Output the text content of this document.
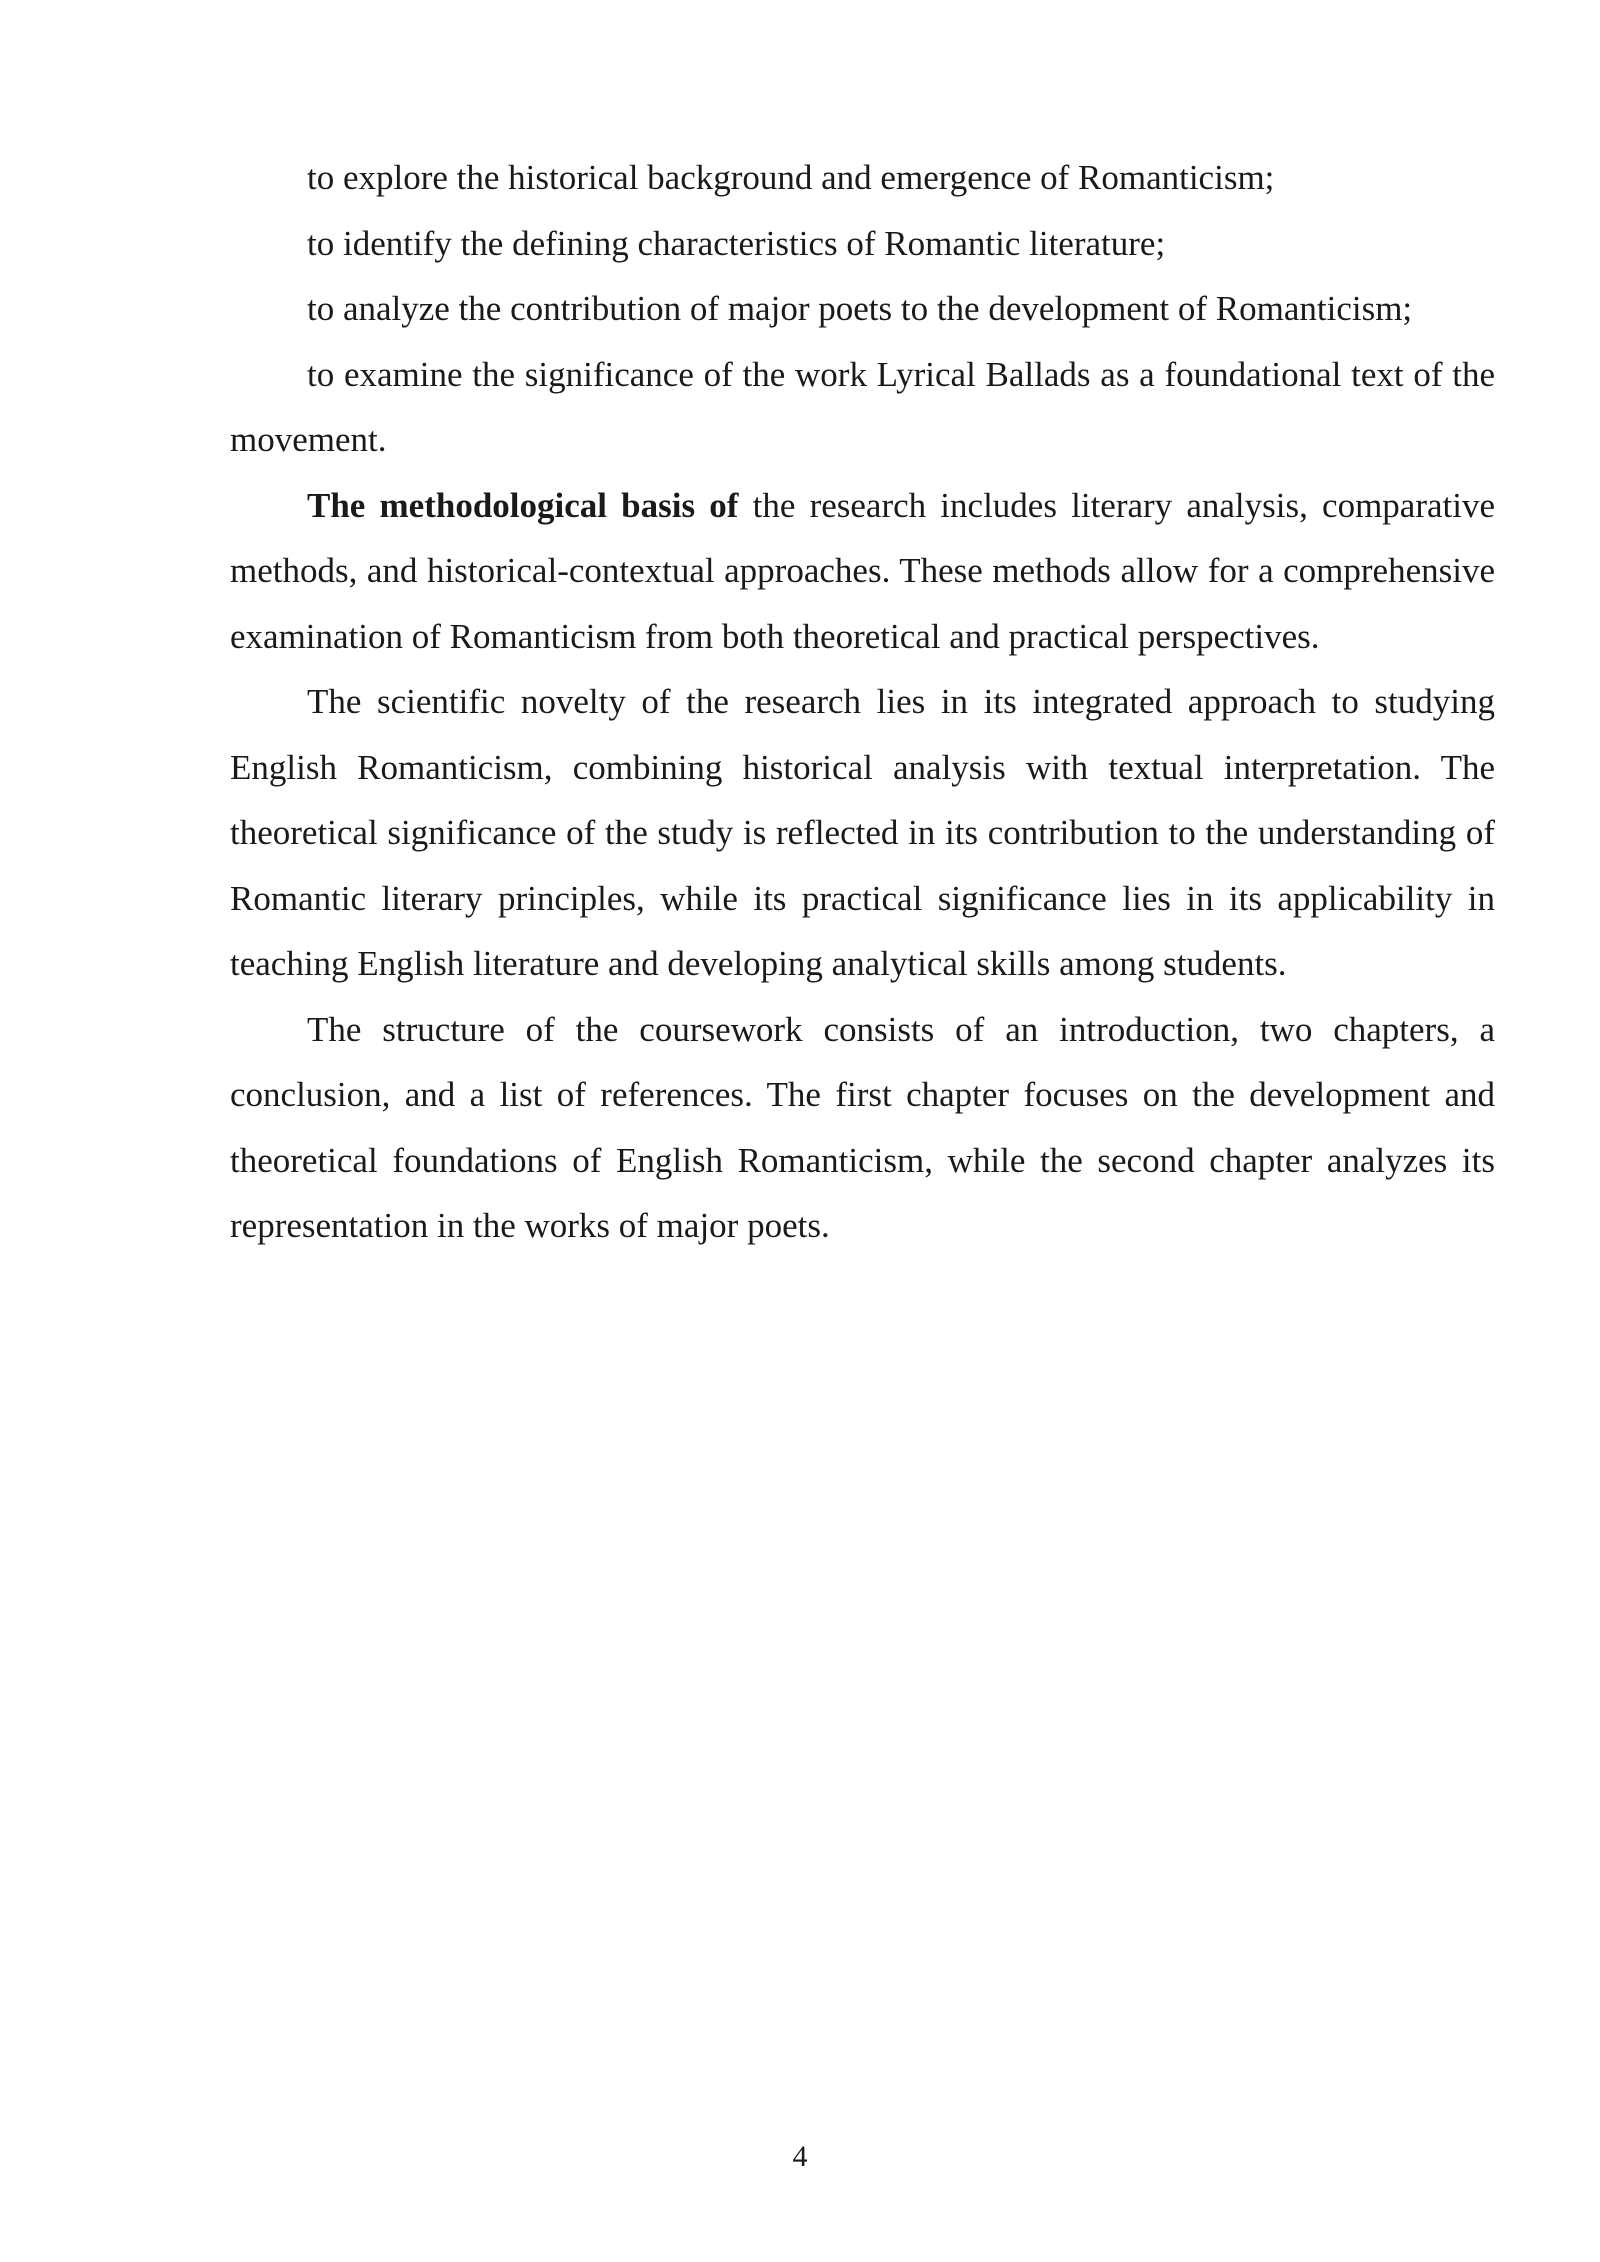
to explore the historical background and emergence of Romanticism;

to identify the defining characteristics of Romantic literature;

to analyze the contribution of major poets to the development of Romanticism;

to examine the significance of the work Lyrical Ballads as a foundational text of the movement.

The methodological basis of the research includes literary analysis, comparative methods, and historical-contextual approaches. These methods allow for a comprehensive examination of Romanticism from both theoretical and practical perspectives.

The scientific novelty of the research lies in its integrated approach to studying English Romanticism, combining historical analysis with textual interpretation. The theoretical significance of the study is reflected in its contribution to the understanding of Romantic literary principles, while its practical significance lies in its applicability in teaching English literature and developing analytical skills among students.

The structure of the coursework consists of an introduction, two chapters, a conclusion, and a list of references. The first chapter focuses on the development and theoretical foundations of English Romanticism, while the second chapter analyzes its representation in the works of major poets.

4
